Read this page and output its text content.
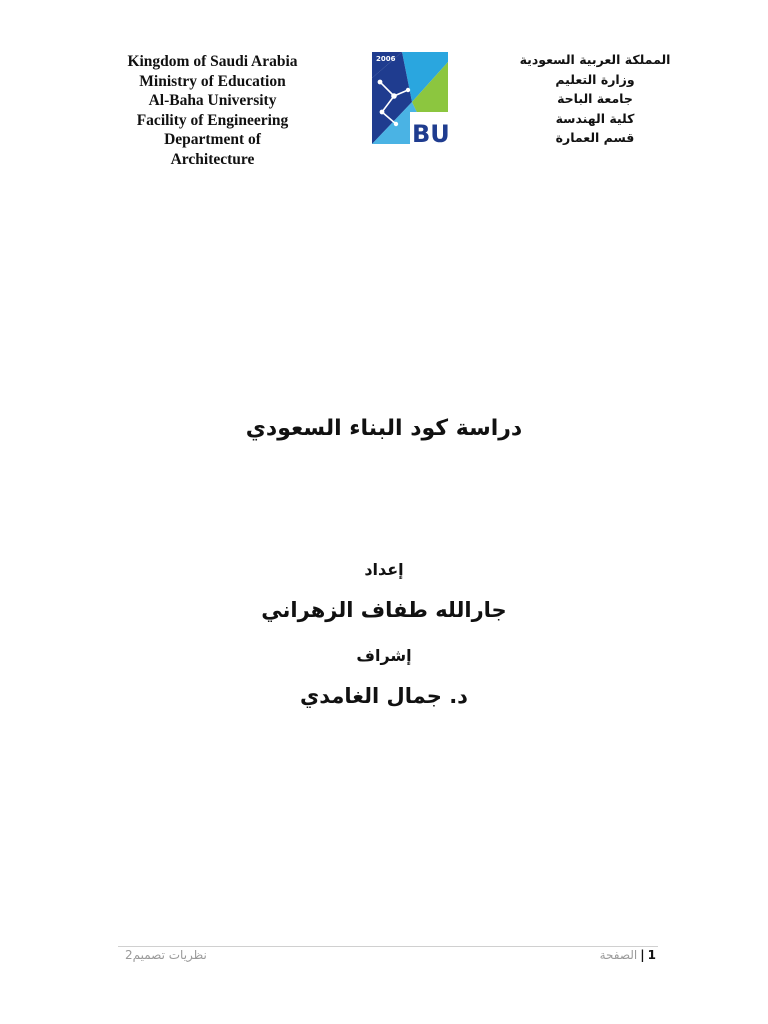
Kingdom of Saudi Arabia
Ministry of Education
Al-Baha University
Facility of Engineering
Department of
Architecture
2006
BU
المملكة العربية السعودية
وزارة التعليم
جامعة الباحة
كلية الهندسة
قسم العمارة
دراسة كود البناء السعودي
إعداد
جارالله طفاف الزهراني
إشراف
د. جمال الغامدي
نظريات تصميم2	1|الصفحة
